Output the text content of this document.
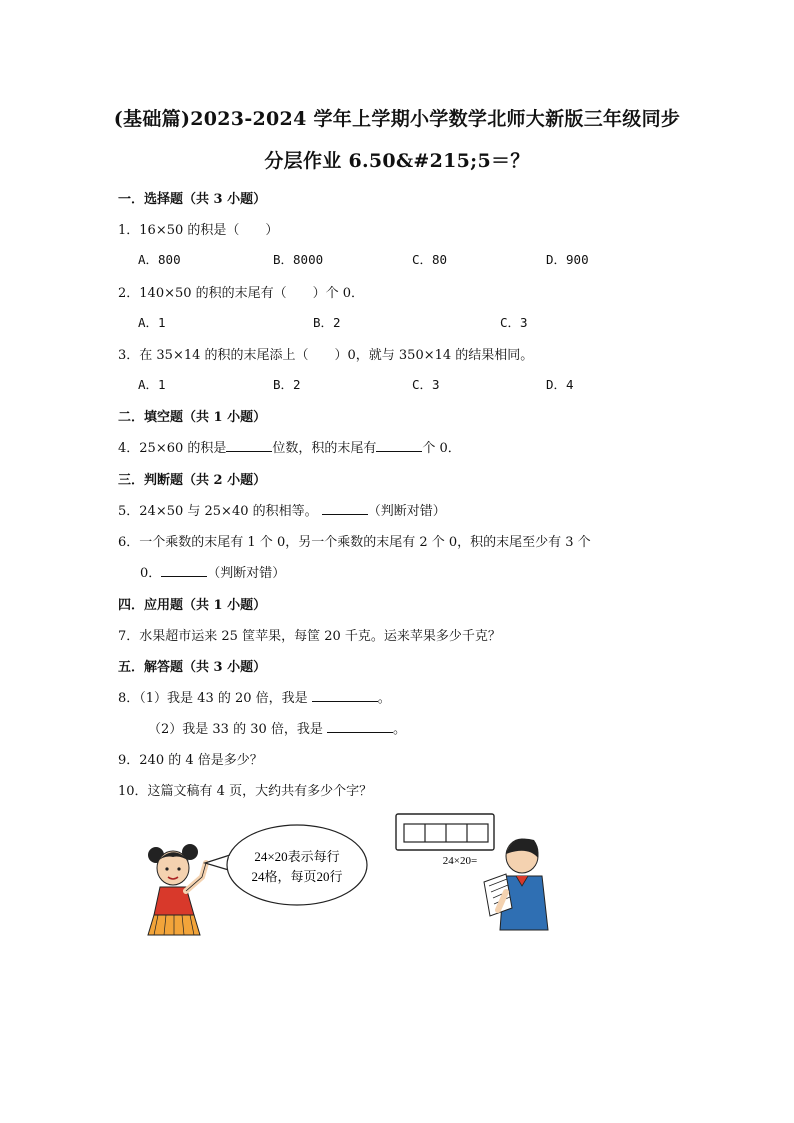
(基础篇)2023-2024 学年上学期小学数学北师大新版三年级同步
分层作业 6.50&#215;5＝？
一．选择题（共 3 小题）
1．16×50 的积是（　　）
A．800	B．8000	C．80	D．900
2．140×50 的积的末尾有（　　）个 0．
A．1	B．2	C．3
3．在 35×14 的积的末尾添上（　　）0，就与 350×14 的结果相同。
A．1	B．2	C．3	D．4
二．填空题（共 1 小题）
4．25×60 的积是	位数，积的末尾有	个 0．
三．判断题（共 2 小题）
5．24×50 与 25×40 的积相等。	（判断对错）
6．一个乘数的末尾有 1 个 0，另一个乘数的末尾有 2 个 0，积的末尾至少有 3 个
0．	（判断对错）
四．应用题（共 1 小题）
7．水果超市运来 25 筐苹果，每筐 20 千克。运来苹果多少千克？
五．解答题（共 3 小题）
8．（1）我是 43 的 20 倍，我是	。
（2）我是 33 的 30 倍，我是	。
9．240 的 4 倍是多少？
10．这篇文稿有 4 页，大约共有多少个字？
24×20表示每行
24格，每页20行
24×20=
